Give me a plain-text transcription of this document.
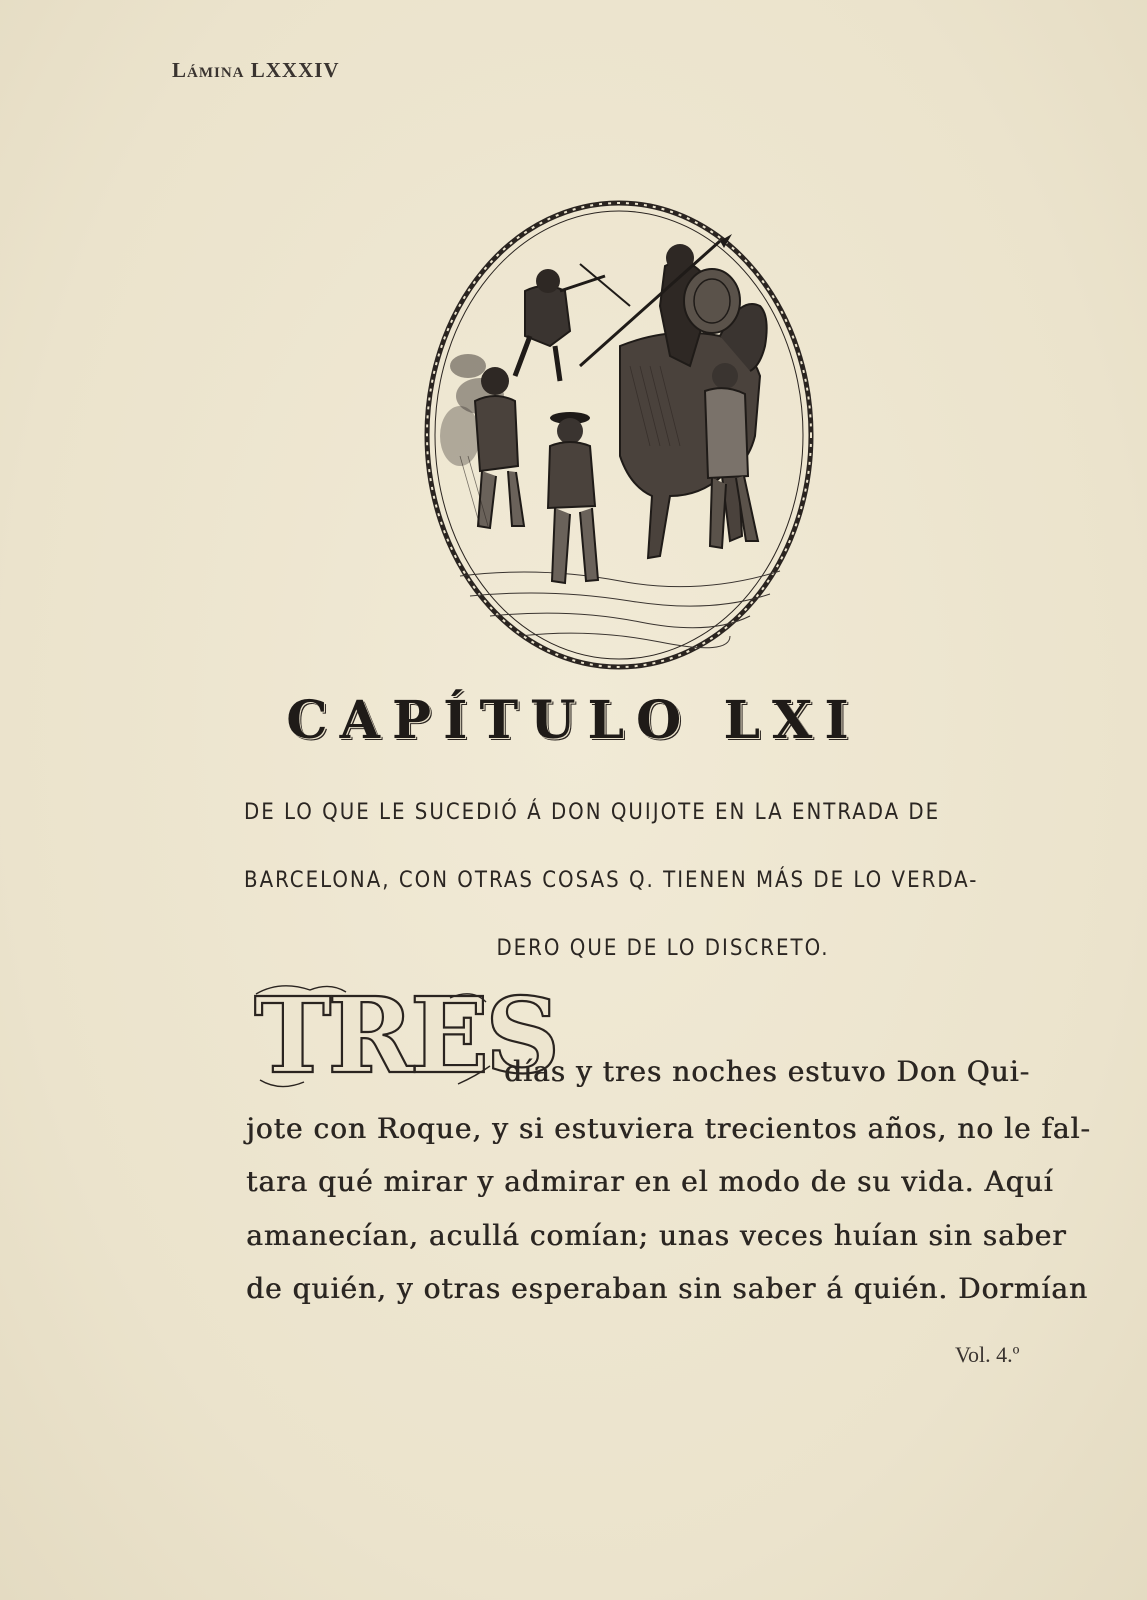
Lámina LXXXIV
CAPÍTULO LXI
DE LO QUE LE SUCEDIÓ Á DON QUIJOTE EN LA ENTRADA DE
BARCELONA, CON OTRAS COSAS Q. TIENEN MÁS DE LO VERDA-
DERO QUE DE LO DISCRETO.
TRES
días y tres noches estuvo Don Qui-
jote con Roque, y si estuviera trecientos años, no le fal-
tara qué mirar y admirar en el modo de su vida. Aquí
amanecían, acullá comían; unas veces huían sin saber
de quién, y otras esperaban sin saber á quién. Dormían
Vol. 4.º
